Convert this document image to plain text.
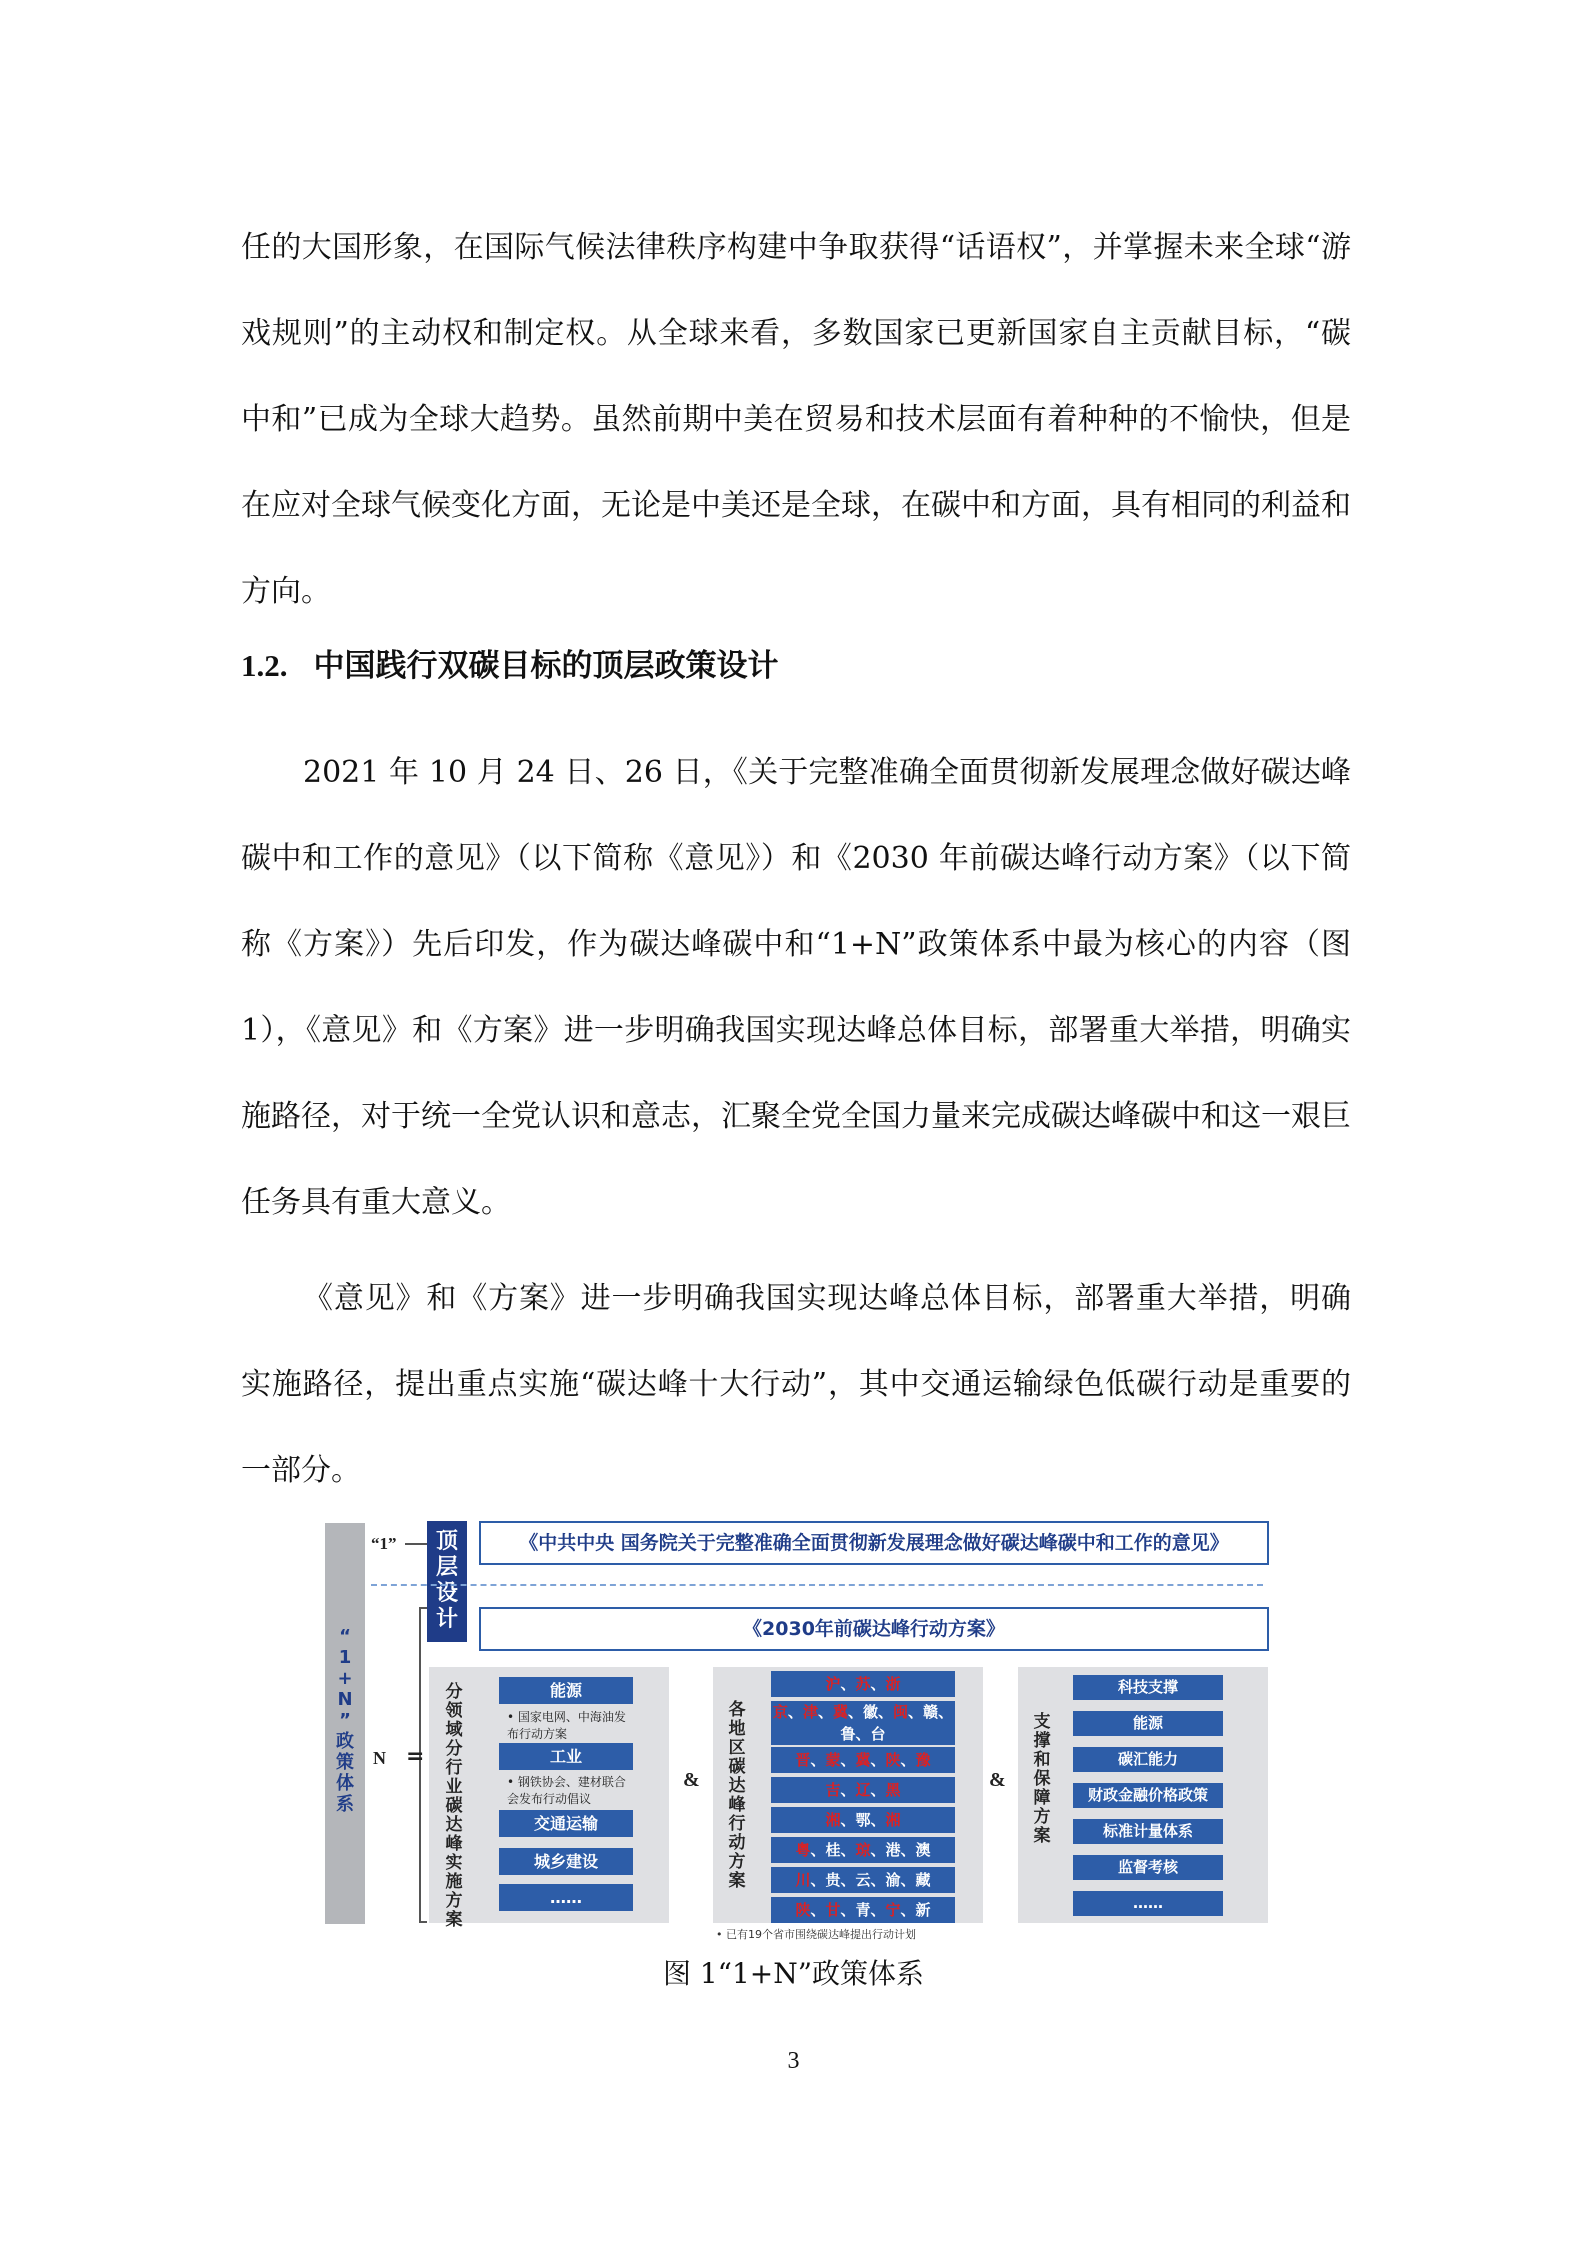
任的大国形象，在国际气候法律秩序构建中争取获得“话语权”，并掌握未来全球“游戏规则”的主动权和制定权。从全球来看，多数国家已更新国家自主贡献目标，“碳中和”已成为全球大趋势。虽然前期中美在贸易和技术层面有着种种的不愉快，但是在应对全球气候变化方面，无论是中美还是全球，在碳中和方面，具有相同的利益和方向。

1.2. 中国践行双碳目标的顶层政策设计

2021 年 10 月 24 日、26 日，《关于完整准确全面贯彻新发展理念做好碳达峰碳中和工作的意见》（以下简称《意见》）和《2030 年前碳达峰行动方案》（以下简称《方案》）先后印发，作为碳达峰碳中和“1+N”政策体系中最为核心的内容（图 1），《意见》和《方案》进一步明确我国实现达峰总体目标，部署重大举措，明确实施路径，对于统一全党认识和意志，汇聚全党全国力量来完成碳达峰碳中和这一艰巨任务具有重大意义。

《意见》和《方案》进一步明确我国实现达峰总体目标，部署重大举措，明确实施路径，提出重点实施“碳达峰十大行动”，其中交通运输绿色低碳行动是重要的一部分。

“
1
+
N
”
政
策
体
系
“1”	顶
层
设
计
《中共中央 国务院关于完整准确全面贯彻新发展理念做好碳达峰碳中和工作的意见》
《2030年前碳达峰行动方案》
N =
分
领
域
分
行
业
碳
达
峰
实
施
方
案
能源
• 国家电网、中海油发布行动方案
工业
• 钢铁协会、建材联合会发布行动倡议
交通运输
城乡建设
……
&
各
地
区
碳
达
峰
行
动
方
案
• 已有19个省市围绕碳达峰提出行动计划
&
支
撑
和
保
障
方
案
沪、苏、浙
京、津、冀、徽、闽、赣、鲁、台
晋、蒙、冀、陕、豫
吉、辽、黑
湘、鄂、湘
粤、桂、琼、港、澳
川、贵、云、渝、藏
陕、甘、青、宁、新
科技支撑
能源
碳汇能力
财政金融价格政策
标准计量体系
监督考核
……

图 1“1+N”政策体系

3
